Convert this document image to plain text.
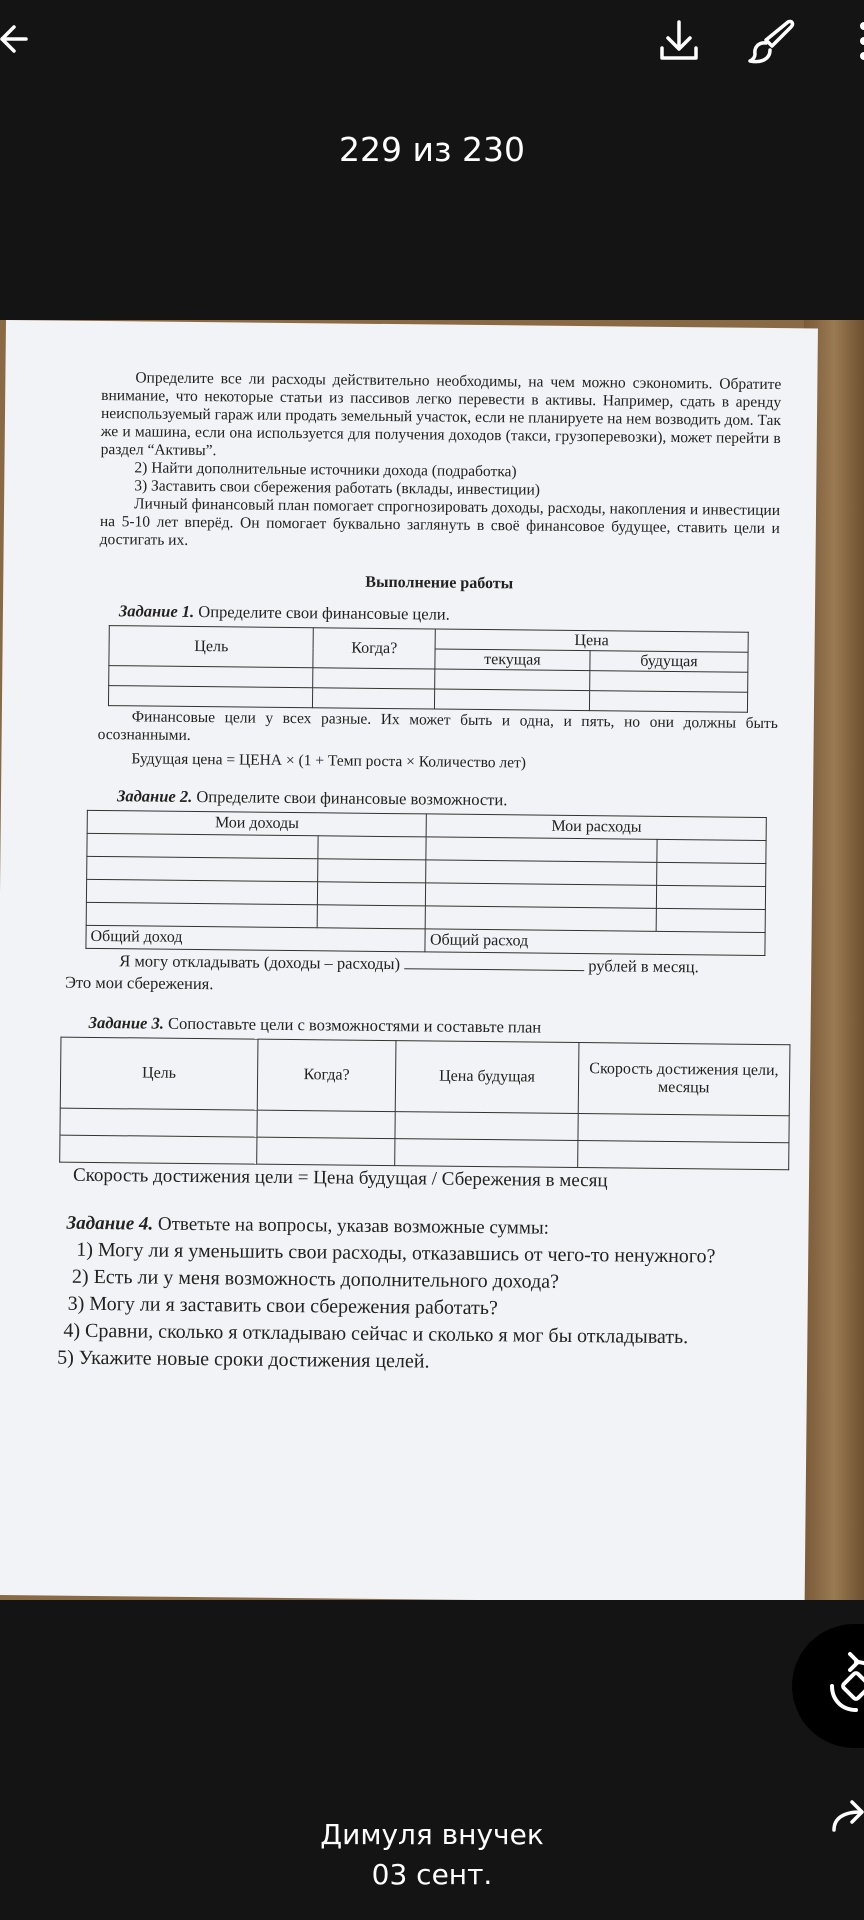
229 из 230

Определите все ли расходы действительно необходимы, на чем можно сэкономить. Обратите внимание, что некоторые статьи из пассивов легко перевести в активы. Например, сдать в аренду неиспользуемый гараж или продать земельный участок, если не планируете на нем возводить дом. Так же и машина, если она используется для получения доходов (такси, грузоперевозки), может перейти в раздел “Активы”.

2) Найти дополнительные источники дохода (подработка)

3) Заставить свои сбережения работать (вклады, инвестиции)

Личный финансовый план помогает спрогнозировать доходы, расходы, накопления и инвестиции на 5-10 лет вперёд. Он помогает буквально заглянуть в своё финансовое будущее, ставить цели и достигать их.

Выполнение работы
Задание 1. Определите свои финансовые цели.
Цель	Когда?	Цена	
		текущая	будущая

Финансовые цели у всех разные. Их может быть и одна, и пять, но они должны быть осознанными.

Будущая цена = ЦЕНА × (1 + Темп роста × Количество лет)

Задание 2. Определите свои финансовые возможности.
Мои доходы		Мои расходы	

Общий доход		Общий расход	
Я могу откладывать (доходы – расходы)	рублей в месяц.
Это мои сбережения.
Задание 3. Сопоставьте цели с возможностями и составьте план
Цель	Когда?	Цена будущая	Скорость достижения цели, месяцы

Скорость достижения цели = Цена будущая / Сбережения в месяц
Задание 4. Ответьте на вопросы, указав возможные суммы:
1) Могу ли я уменьшить свои расходы, отказавшись от чего-то ненужного?
2) Есть ли у меня возможность дополнительного дохода?
3) Могу ли я заставить свои сбережения работать?
4) Сравни, сколько я откладываю сейчас и сколько я мог бы откладывать.
5) Укажите новые сроки достижения целей.
Димуля внучек
03 сент.
